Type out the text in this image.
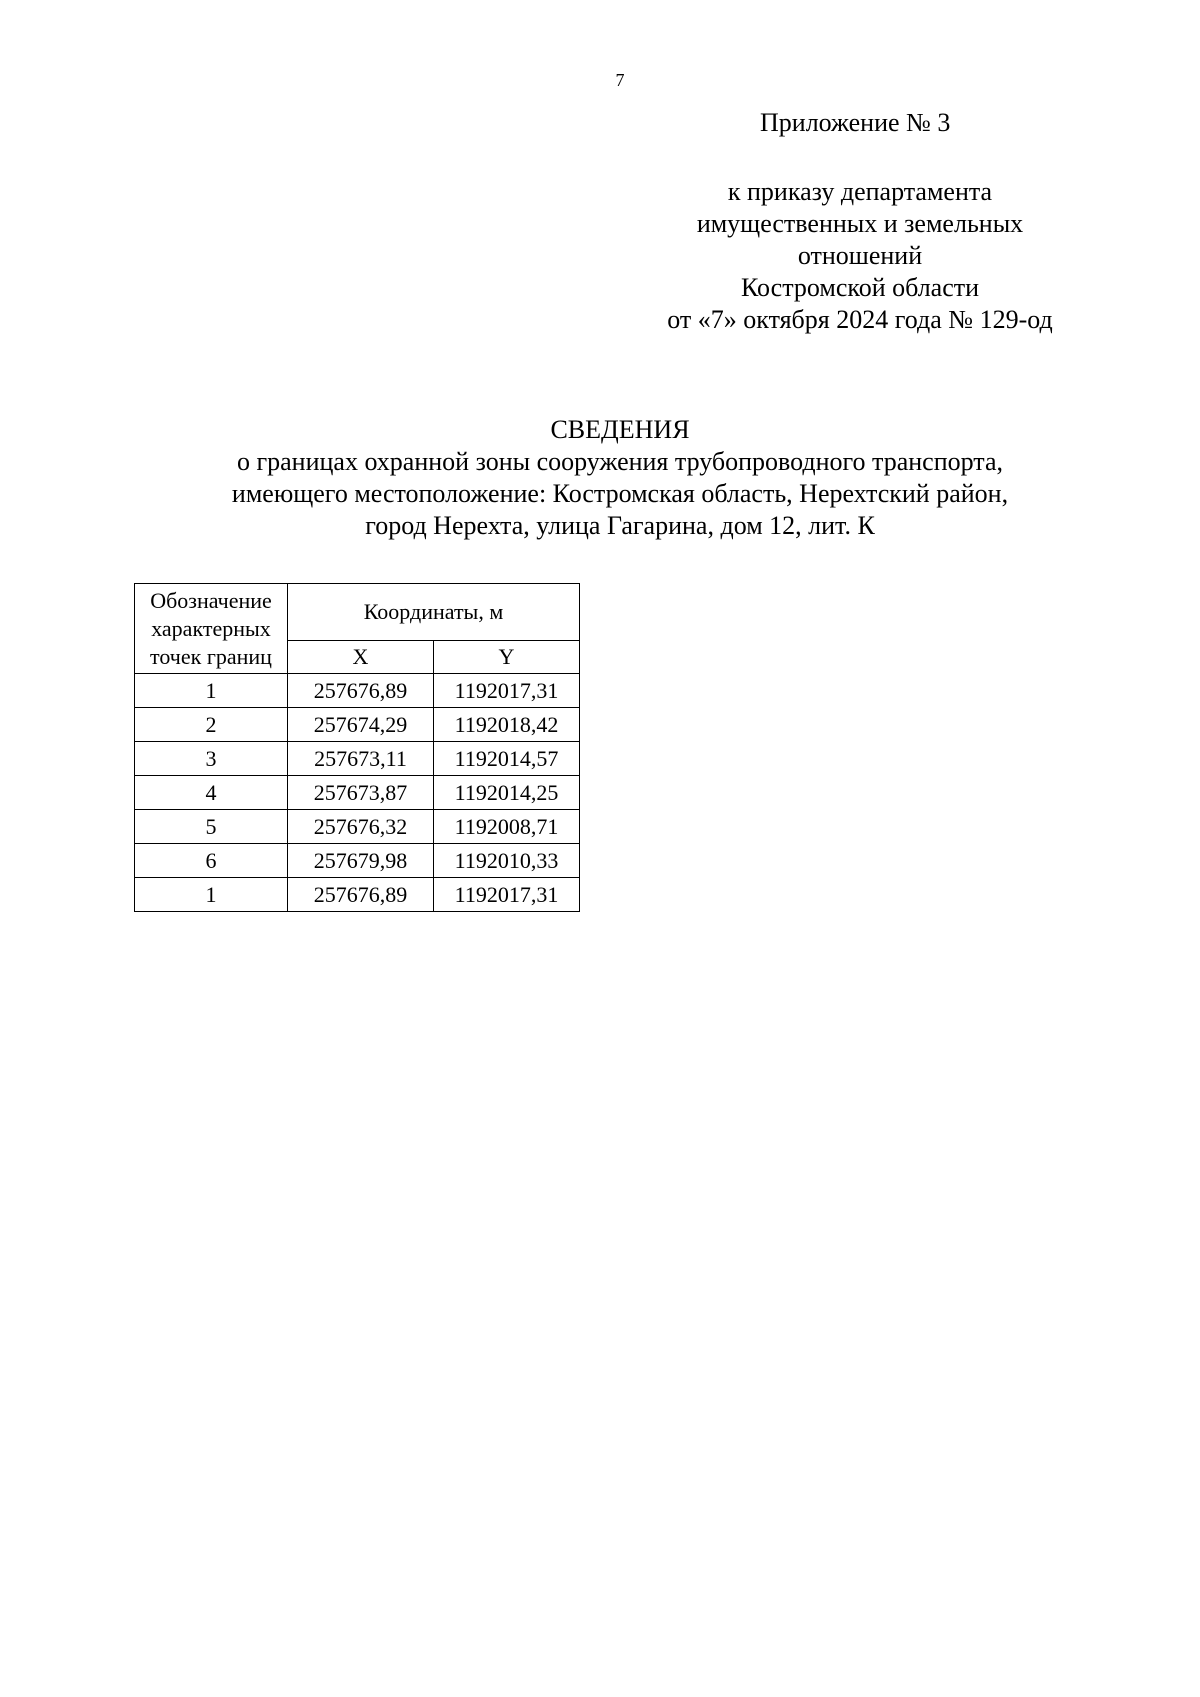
7
Приложение № 3
к приказу департамента
имущественных и земельных
отношений
Костромской области
от «7» октября 2024 года № 129-од
СВЕДЕНИЯ
о границах охранной зоны сооружения трубопроводного транспорта,
имеющего местоположение: Костромская область, Нерехтский район,
город Нерехта, улица Гагарина, дом 12, лит. К
Обозначение
характерных
точек границ	Координаты, м	
	X	Y
1	257676,89	1192017,31
2	257674,29	1192018,42
3	257673,11	1192014,57
4	257673,87	1192014,25
5	257676,32	1192008,71
6	257679,98	1192010,33
1	257676,89	1192017,31
